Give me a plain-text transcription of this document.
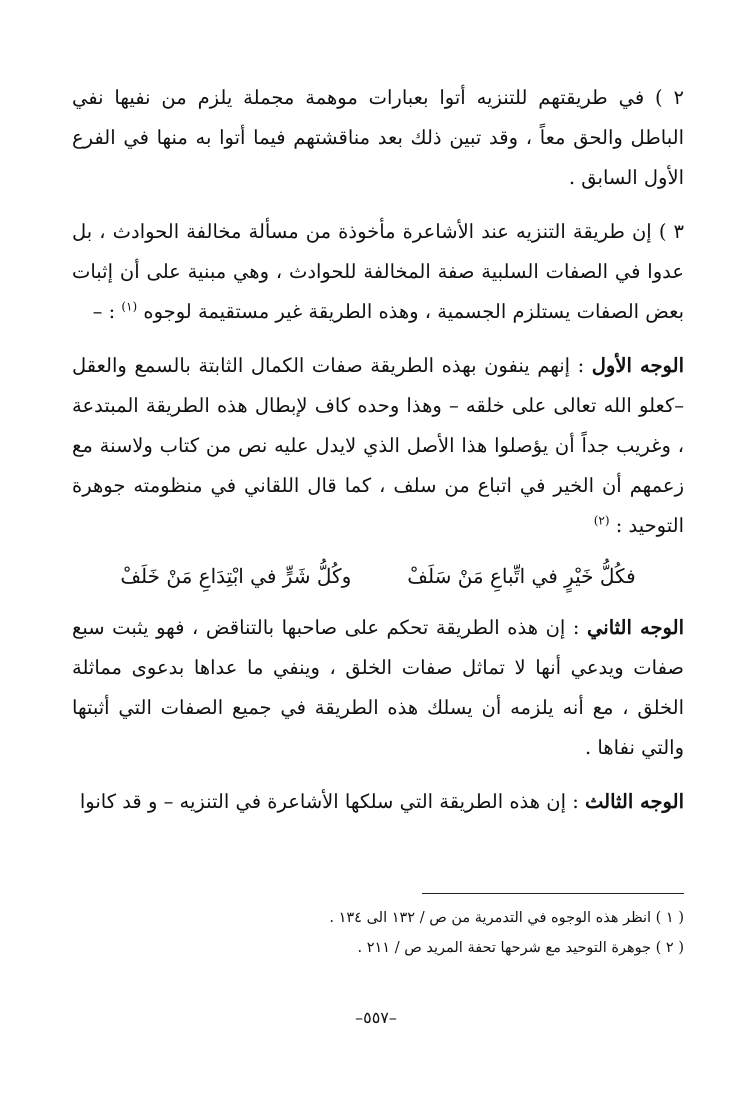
٢ ) في طريقتهم للتنزيه أتوا بعبارات موهمة مجملة يلزم من نفيها نفي الباطل والحق معاً ، وقد تبين ذلك بعد مناقشتهم فيما أتوا به منها في الفرع الأول السابق .

٣ ) إن طريقة التنزيه عند الأشاعرة مأخوذة من مسألة مخالفة الحوادث ، بل عدوا في الصفات السلبية صفة المخالفة للحوادث ، وهي مبنية على أن إثبات بعض الصفات يستلزم الجسمية ، وهذه الطريقة غير مستقيمة لوجوه $^{(١)}$ : –

الوجه الأول : إنهم ينفون بهذه الطريقة صفات الكمال الثابتة بالسمع والعقل –كعلو الله تعالى على خلقه – وهذا وحده كاف لإبطال هذه الطريقة المبتدعة ، وغريب جداً أن يؤصلوا هذا الأصل الذي لايدل عليه نص من كتاب ولاسنة مع زعمهم أن الخير في اتباع من سلف ، كما قال اللقاني في منظومته جوهرة التوحيد : $^{(٢)}$

فكُلُّ خَيْرٍ في اتِّباعِ مَنْ سَلَفْ
وكُلُّ شَرٍّ في ابْتِدَاعِ مَنْ خَلَفْ

الوجه الثاني : إن هذه الطريقة تحكم على صاحبها بالتناقض ، فهو يثبت سبع صفات ويدعي أنها لا تماثل صفات الخلق ، وينفي ما عداها بدعوى مماثلة الخلق ، مع أنه يلزمه أن يسلك هذه الطريقة في جميع الصفات التي أثبتها والتي نفاها .

الوجه الثالث : إن هذه الطريقة التي سلكها الأشاعرة في التنزيه – و قد كانوا

( ١ ) انظر هذه الوجوه في التدمرية من ص / ١٣٢ الى ١٣٤ .

( ٢ ) جوهرة التوحيد مع شرحها تحفة المريد ص / ٢١١ .

–٥٥٧–
